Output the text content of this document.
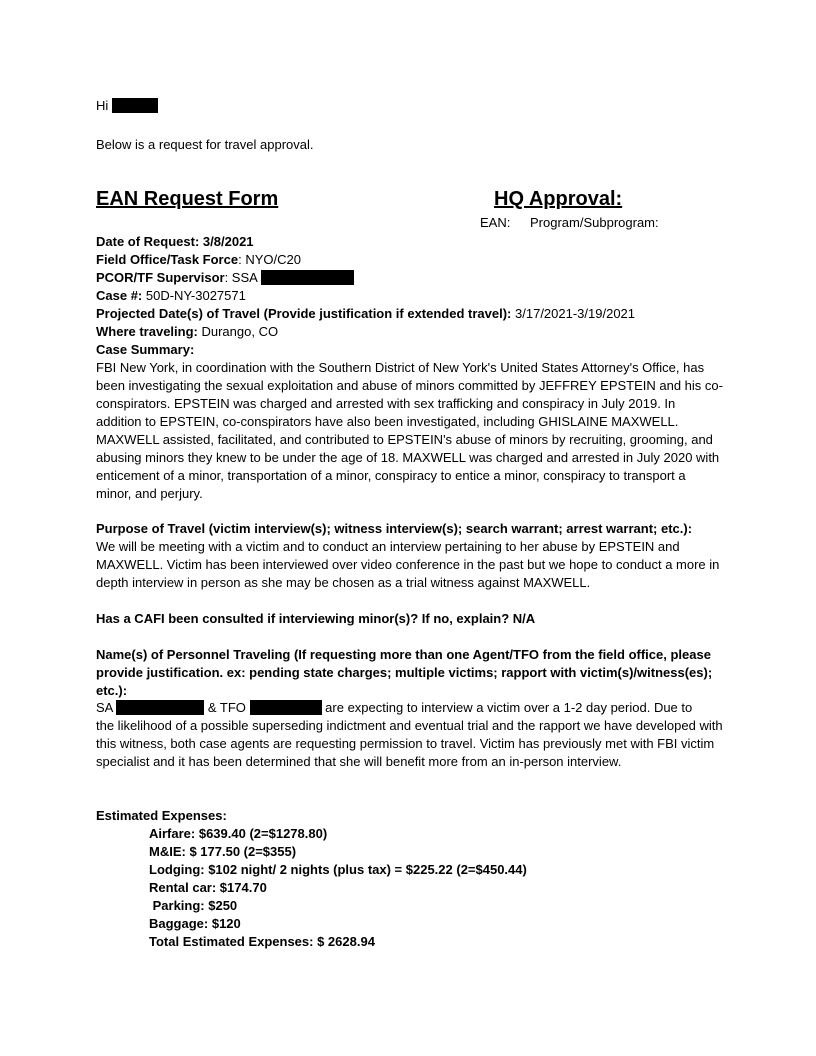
Hi
Below is a request for travel approval.
EAN Request Form	HQ Approval:
EAN: Program/Subprogram:
Date of Request: 3/8/2021
Field Office/Task Force: NYO/C20
PCOR/TF Supervisor: SSA
Case #: 50D-NY-3027571
Projected Date(s) of Travel (Provide justification if extended travel): 3/17/2021-3/19/2021
Where traveling: Durango, CO
Case Summary:
FBI New York, in coordination with the Southern District of New York's United States Attorney's Office, has been investigating the sexual exploitation and abuse of minors committed by JEFFREY EPSTEIN and his co-conspirators. EPSTEIN was charged and arrested with sex trafficking and conspiracy in July 2019. In addition to EPSTEIN, co-conspirators have also been investigated, including GHISLAINE MAXWELL. MAXWELL assisted, facilitated, and contributed to EPSTEIN's abuse of minors by recruiting, grooming, and abusing minors they knew to be under the age of 18. MAXWELL was charged and arrested in July 2020 with enticement of a minor, transportation of a minor, conspiracy to entice a minor, conspiracy to transport a minor, and perjury.
Purpose of Travel (victim interview(s); witness interview(s); search warrant; arrest warrant; etc.):
We will be meeting with a victim and to conduct an interview pertaining to her abuse by EPSTEIN and MAXWELL. Victim has been interviewed over video conference in the past but we hope to conduct a more in depth interview in person as she may be chosen as a trial witness against MAXWELL.
Has a CAFI been consulted if interviewing minor(s)? If no, explain? N/A
Name(s) of Personnel Traveling (If requesting more than one Agent/TFO from the field office, please provide justification. ex: pending state charges; multiple victims; rapport with victim(s)/witness(es); etc.):
SA	& TFO	are expecting to interview a victim over a 1-2 day period. Due to
the likelihood of a possible superseding indictment and eventual trial and the rapport we have developed with this witness, both case agents are requesting permission to travel. Victim has previously met with FBI victim specialist and it has been determined that she will benefit more from an in-person interview.
Estimated Expenses:
Airfare: $639.40 (2=$1278.80)
M&IE: $ 177.50 (2=$355)
Lodging: $102 night/ 2 nights (plus tax) = $225.22 (2=$450.44)
Rental car: $174.70
Parking: $250
Baggage: $120
Total Estimated Expenses: $ 2628.94
